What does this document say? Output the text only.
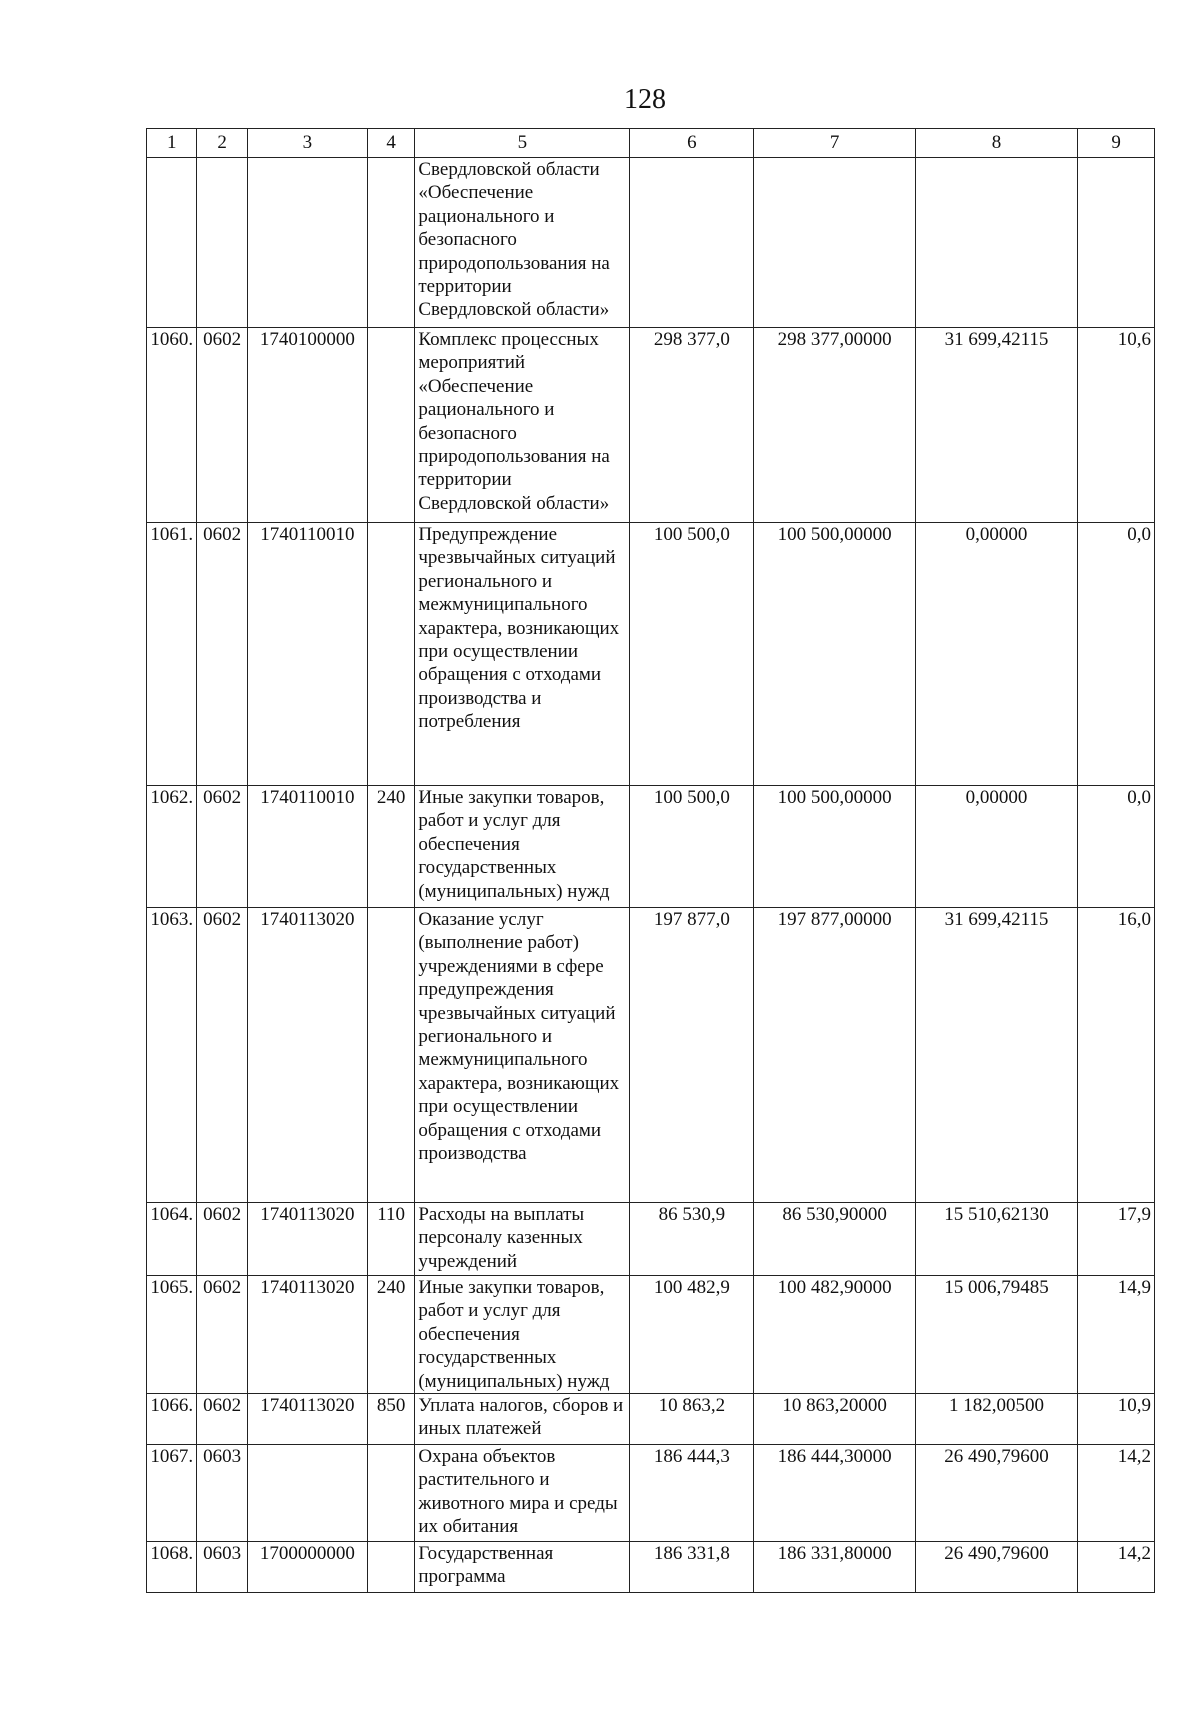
128
1	2	3	4	5	6	7	8	9
				Свердловской области «Обеспечение рационального и безопасного природопользования на территории Свердловской области»				
1060.	0602	1740100000		Комплекс процессных мероприятий «Обеспечение рационального и безопасного природопользования на территории Свердловской области»	298 377,0	298 377,00000	31 699,42115	10,6
1061.	0602	1740110010		Предупреждение чрезвычайных ситуаций регионального и межмуниципального характера, возникающих при осуществлении обращения с отходами производства и потребления	100 500,0	100 500,00000	0,00000	0,0
1062.	0602	1740110010	240	Иные закупки товаров, работ и услуг для обеспечения государственных (муниципальных) нужд	100 500,0	100 500,00000	0,00000	0,0
1063.	0602	1740113020		Оказание услуг (выполнение работ) учреждениями в сфере предупреждения чрезвычайных ситуаций регионального и межмуниципального характера, возникающих при осуществлении обращения с отходами производства	197 877,0	197 877,00000	31 699,42115	16,0
1064.	0602	1740113020	110	Расходы на выплаты персоналу казенных учреждений	86 530,9	86 530,90000	15 510,62130	17,9
1065.	0602	1740113020	240	Иные закупки товаров, работ и услуг для обеспечения государственных (муниципальных) нужд	100 482,9	100 482,90000	15 006,79485	14,9
1066.	0602	1740113020	850	Уплата налогов, сборов и иных платежей	10 863,2	10 863,20000	1 182,00500	10,9
1067.	0603			Охрана объектов растительного и животного мира и среды их обитания	186 444,3	186 444,30000	26 490,79600	14,2
1068.	0603	1700000000		Государственная программа	186 331,8	186 331,80000	26 490,79600	14,2
